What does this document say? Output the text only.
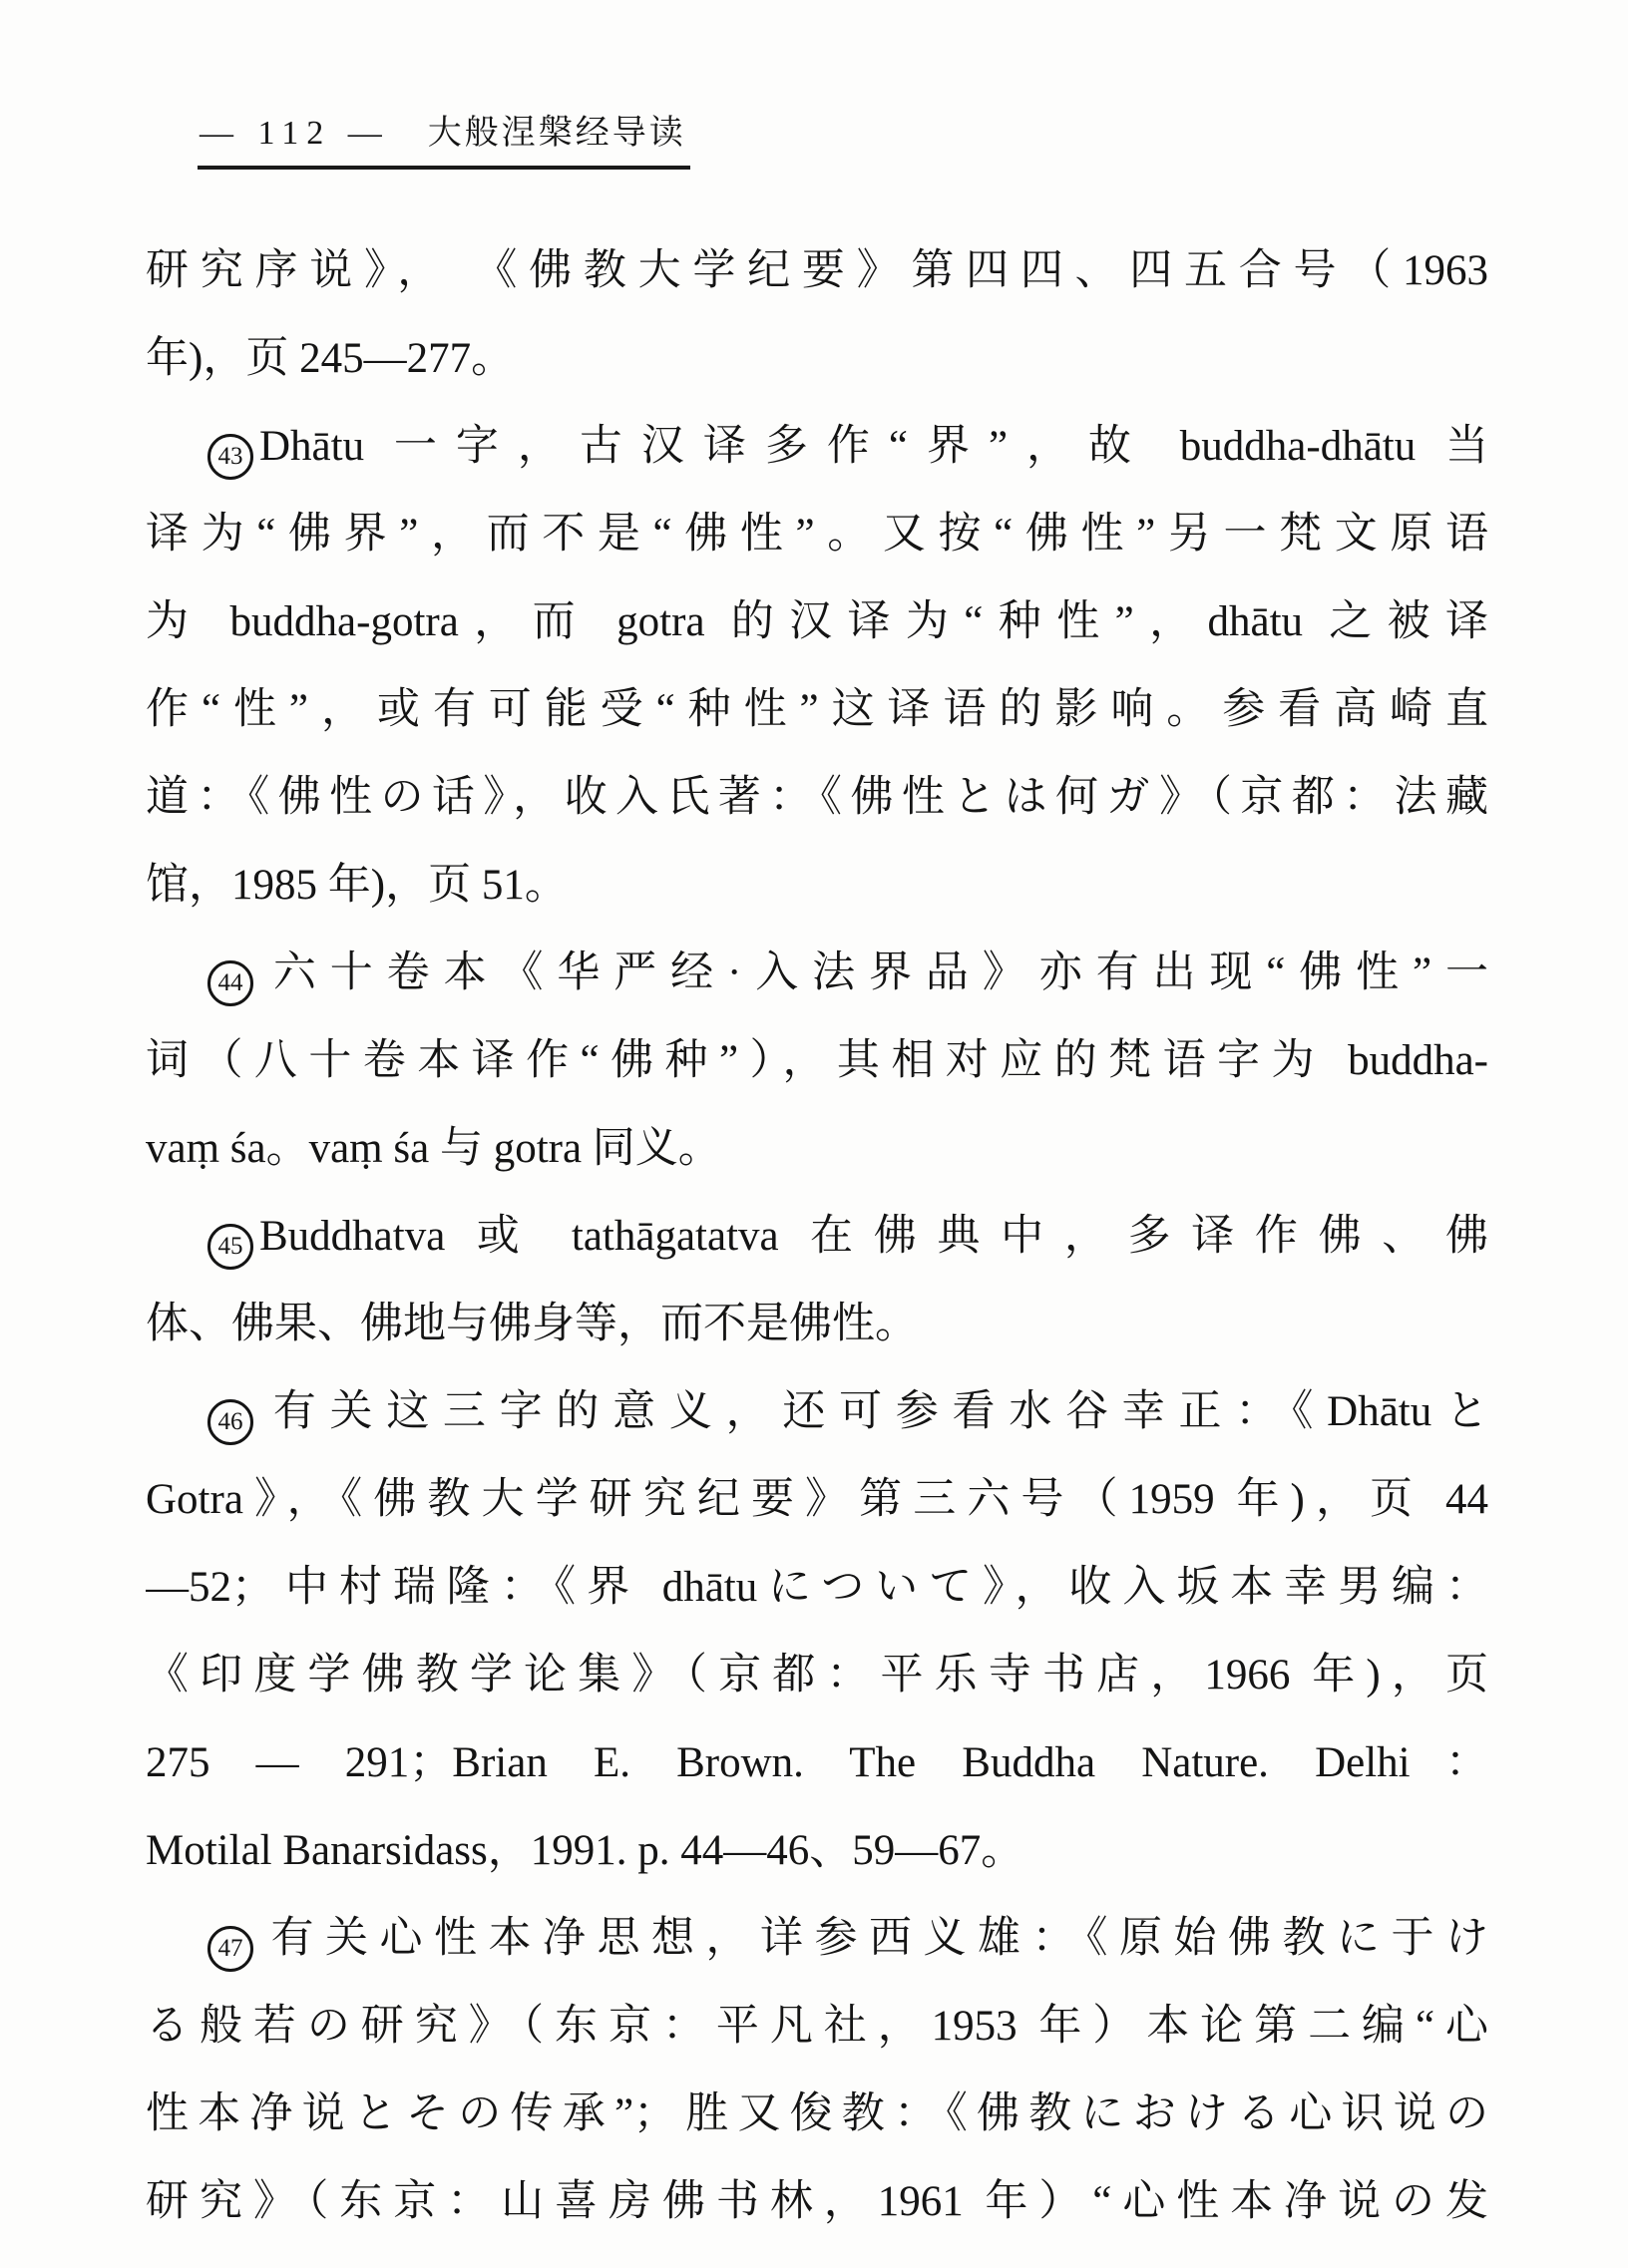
— 112 — 大般涅槃经导读
研究序说》， 《佛教大学纪要》第四四、四五合号（1963
年)，页 245—277。
43 Dhātu 一字，古汉译多作“界”，故 buddha-dhātu 当
译为“佛界”，而不是“佛性”。又按“佛性”另一梵文原语
为 buddha-gotra，而 gotra 的汉译为“种性”，dhātu 之被译
作“性”，或有可能受“种性”这译语的影响。参看高崎直
道：《佛性の话》，收入氏著：《佛性とは何ガ》（京都：法藏
馆，1985 年)，页 51。
44 六十卷本《华严经·入法界品》亦有出现“佛性”一
词（八十卷本译作“佛种”），其相对应的梵语字为 buddha-
vaṃ śa。vaṃ śa 与 gotra 同义。
45 Buddhatva 或 tathāgatatva 在佛典中，多译作佛、佛
体、佛果、佛地与佛身等，而不是佛性。
46 有关这三字的意义，还可参看水谷幸正：《Dhātuと
Gotra》，《佛教大学研究纪要》第三六号（1959 年)，页 44
—52；中村瑞隆：《界 dhātuについて》，收入坂本幸男编：
《印度学佛教学论集》（京都：平乐寺书店，1966 年)，页
275 — 291；Brian E. Brown. The Buddha Nature. Delhi：
Motilal Banarsidass，1991. p. 44—46、59—67。
47 有关心性本净思想，详参西义雄：《原始佛教に于け
る般若の研究》（东京：平凡社，1953 年）本论第二编“心
性本净说とその传承”；胜又俊教：《佛教における心识说の
研究》（东京：山喜房佛书林，1961 年）“心性本净说の发
